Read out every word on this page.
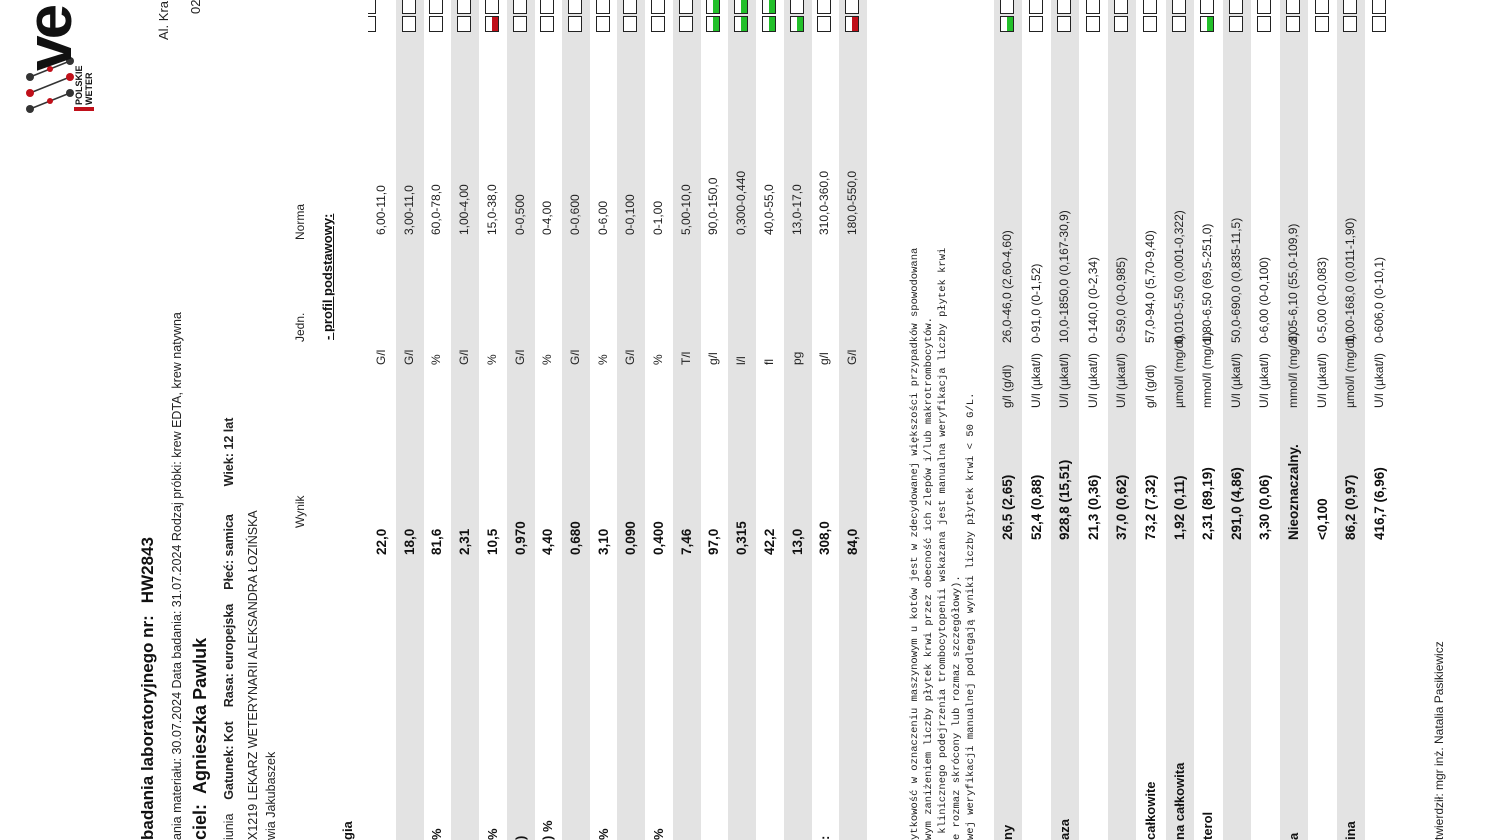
ve
POLSKIE
WETER
Al. Kra 02
badania laboratoryjnego nr:HW2843 ania materiału: 30.07.2024 Data badania: 31.07.2024 Rodzaj próbki: krew EDTA, krew natywna ciel:Agnieszka Pawluk
iunia    Gatunek: Kot    Rasa: europejska    Płeć: samica        Wiek: 12 lat
X1219 LEKARZ WETERYNARII ALEKSANDRA ŁOZIŃSKA wia Jakubaszek
Wynik
Jedn.
Norma - profil podstawowy:
gia
22,0
G/l
6,00-11,0
18,0
G/l
3,00-11,0
%
81,6
%
60,0-78,0
2,31
G/l
1,00-4,00
%
10,5
%
15,0-38,0
)
0,970
G/l
0-0,500
) %
4,40
%
0-4,00
0,680
G/l
0-0,600
%
3,10
%
0-6,00
0,090
G/l
0-0,100
%
0,400
%
0-1,00
7,46
T/l
5,00-10,0
97,0
g/l
90,0-150,0
0,315
l/l
0,300-0,440
42,2
fl
40,0-55,0
13,0
pg
13,0-17,0
:
308,0
g/l
310,0-360,0
84,0
G/l
180,0-550,0
ytkowość w oznaczeniu maszynowym u kotów jest w zdecydowanej większości przypadków spowodowana wym zaniżeniem liczby płytek krwi przez obecność ich zlepów i/lub makrotrombocytów. klinicznego podejrzenia trombocytopenii wskazana jest manualna weryfikacja liczby płytek krwi e rozmaz skrócony lub rozmaz szczegółowy). wej weryfikacji manualnej podlegają wyniki liczby płytek krwi < 50 G/L. ny
26,5 (2,65)
g/l (g/dl)
26,0-46,0 (2,60-4,60)
52,4 (0,88)
U/l (µkat/l)
0-91,0 (0-1,52)
aza
928,8 (15,51)
U/l (µkat/l)
10,0-1850,0 (0,167-30,9)
21,3 (0,36)
U/l (µkat/l)
0-140,0 (0-2,34)
37,0 (0,62)
U/l (µkat/l)
0-59,0 (0-0,985)
całkowite
73,2 (7,32)
g/l (g/dl)
57,0-94,0 (5,70-9,40)
na całkowita
1,92 (0,11)
µmol/l (mg/dl)
0,010-5,50 (0,001-0,322)
terol
2,31 (89,19)
mmol/l (mg/dl)
1,80-6,50 (69,5-251,0)
291,0 (4,86)
U/l (µkat/l)
50,0-690,0 (0,835-11,5)
3,30 (0,06)
U/l (µkat/l)
0-6,00 (0-0,100)
a
Nieoznaczalny.
mmol/l (mg/dl)
3,05-6,10 (55,0-109,9)
<0,100
U/l (µkat/l)
0-5,00 (0-0,083)
ina
86,2 (0,97)
µmol/l (mg/dl)
1,00-168,0 (0,011-1,90)
416,7 (6,96)
U/l (µkat/l)
0-606,0 (0-10,1)
twierdził: mgr inż. Natalia Pasikiewicz
